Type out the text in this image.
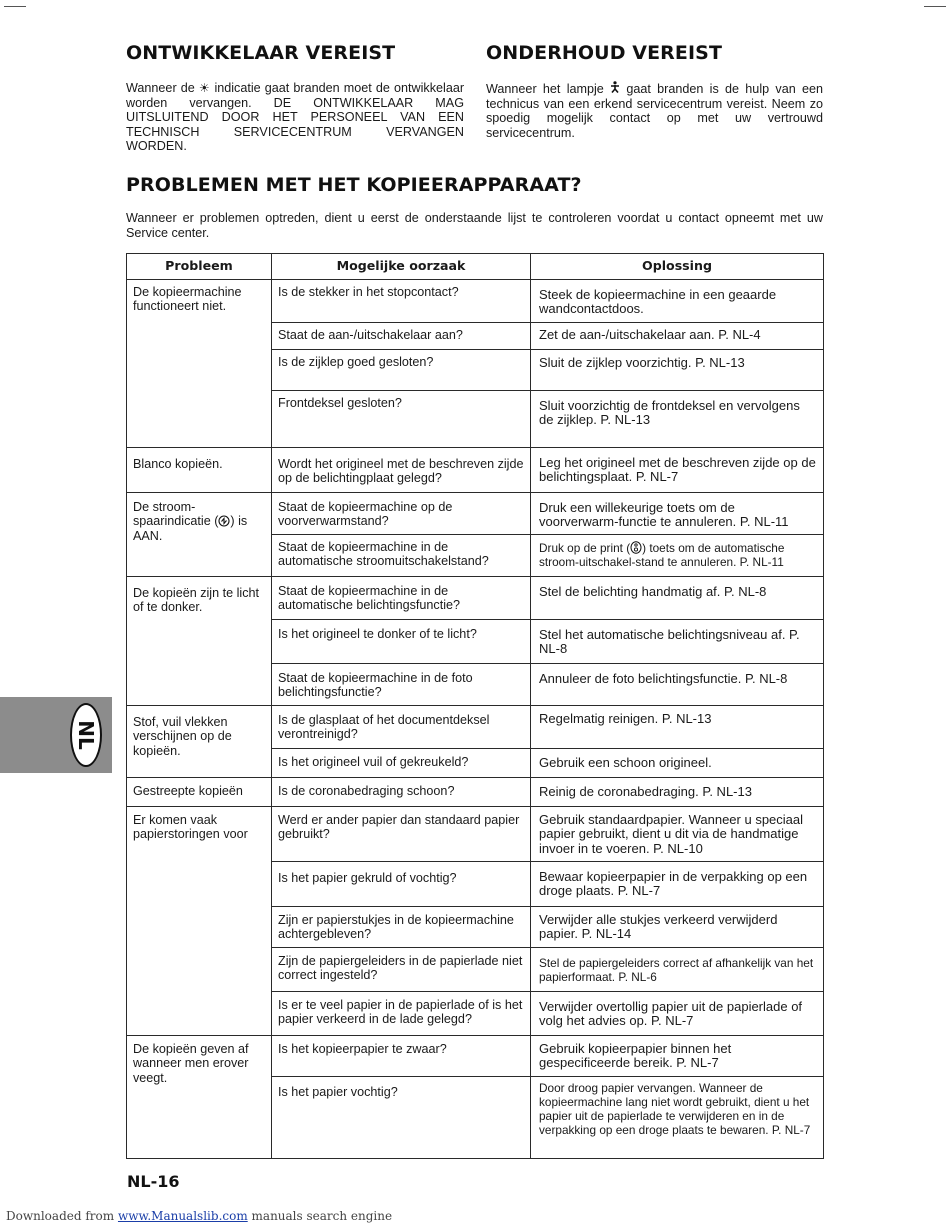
ONTWIKKELAAR VEREIST

Wanneer de ☀ indicatie gaat branden moet de ontwikkelaar worden vervangen. DE ONTWIKKELAAR MAG UITSLUITEND DOOR HET PERSONEEL VAN EEN TECHNISCH SERVICECENTRUM VERVANGEN WORDEN.

ONDERHOUD VEREIST

Wanneer het lampje gaat branden is de hulp van een technicus van een erkend servicecentrum vereist. Neem zo spoedig mogelijk contact op met uw vertrouwd servicecentrum.

PROBLEMEN MET HET KOPIEERAPPARAAT?

Wanneer er problemen optreden, dient u eerst de onderstaande lijst te controleren voordat u contact opneemt met uw Service center.

Probleem	Mogelijke oorzaak	Oplossing
De kopieermachine functioneert niet.	Is de stekker in het stopcontact?	Steek de kopieermachine in een geaarde wandcontactdoos.
	Staat de aan-/uitschakelaar aan?	Zet de aan-/uitschakelaar aan. P. NL-4
	Is de zijklep goed gesloten?	Sluit de zijklep voorzichtig. P. NL-13
	Frontdeksel gesloten?	Sluit voorzichtig de frontdeksel en vervolgens de zijklep. P. NL-13
Blanco kopieën.	Wordt het origineel met de beschreven zijde op de belichtingplaat gelegd?	Leg het origineel met de beschreven zijde op de belichtingsplaat. P. NL-7
De stroom-spaarindicatie ( ) is AAN.	Staat de kopieermachine op de voorverwarmstand?	Druk een willekeurige toets om de voorverwarm-functie te annuleren. P. NL-11
	Staat de kopieermachine in de automatische stroomuitschakelstand?	Druk op de print ( ) toets om de automatische stroom-uitschakel-stand te annuleren. P. NL-11
De kopieën zijn te licht of te donker.	Staat de kopieermachine in de automatische belichtingsfunctie?	Stel de belichting handmatig af. P. NL-8
	Is het origineel te donker of te licht?	Stel het automatische belichtingsniveau af. P. NL-8
	Staat de kopieermachine in de foto belichtingsfunctie?	Annuleer de foto belichtingsfunctie. P. NL-8
Stof, vuil vlekken verschijnen op de kopieën.	Is de glasplaat of het documentdeksel verontreinigd?	Regelmatig reinigen. P. NL-13
	Is het origineel vuil of gekreukeld?	Gebruik een schoon origineel.
Gestreepte kopieën	Is de coronabedraging schoon?	Reinig de coronabedraging. P. NL-13
Er komen vaak papierstoringen voor	Werd er ander papier dan standaard papier gebruikt?	Gebruik standaardpapier. Wanneer u speciaal papier gebruikt, dient u dit via de handmatige invoer in te voeren. P. NL-10
	Is het papier gekruld of vochtig?	Bewaar kopieerpapier in de verpakking op een droge plaats. P. NL-7
	Zijn er papierstukjes in de kopieermachine achtergebleven?	Verwijder alle stukjes verkeerd verwijderd papier. P. NL-14
	Zijn de papiergeleiders in de papierlade niet correct ingesteld?	Stel de papiergeleiders correct af afhankelijk van het papierformaat. P. NL-6
	Is er te veel papier in de papierlade of is het papier verkeerd in de lade gelegd?	Verwijder overtollig papier uit de papierlade of volg het advies op. P. NL-7
De kopieën geven af wanneer men erover veegt.	Is het kopieerpapier te zwaar?	Gebruik kopieerpapier binnen het gespecificeerde bereik. P. NL-7
	Is het papier vochtig?	Door droog papier vervangen. Wanneer de kopieermachine lang niet wordt gebruikt, dient u het papier uit de papierlade te verwijderen en in de verpakking op een droge plaats te bewaren. P. NL-7
NL
NL-16
Downloaded from www.Manualslib.com manuals search engine
